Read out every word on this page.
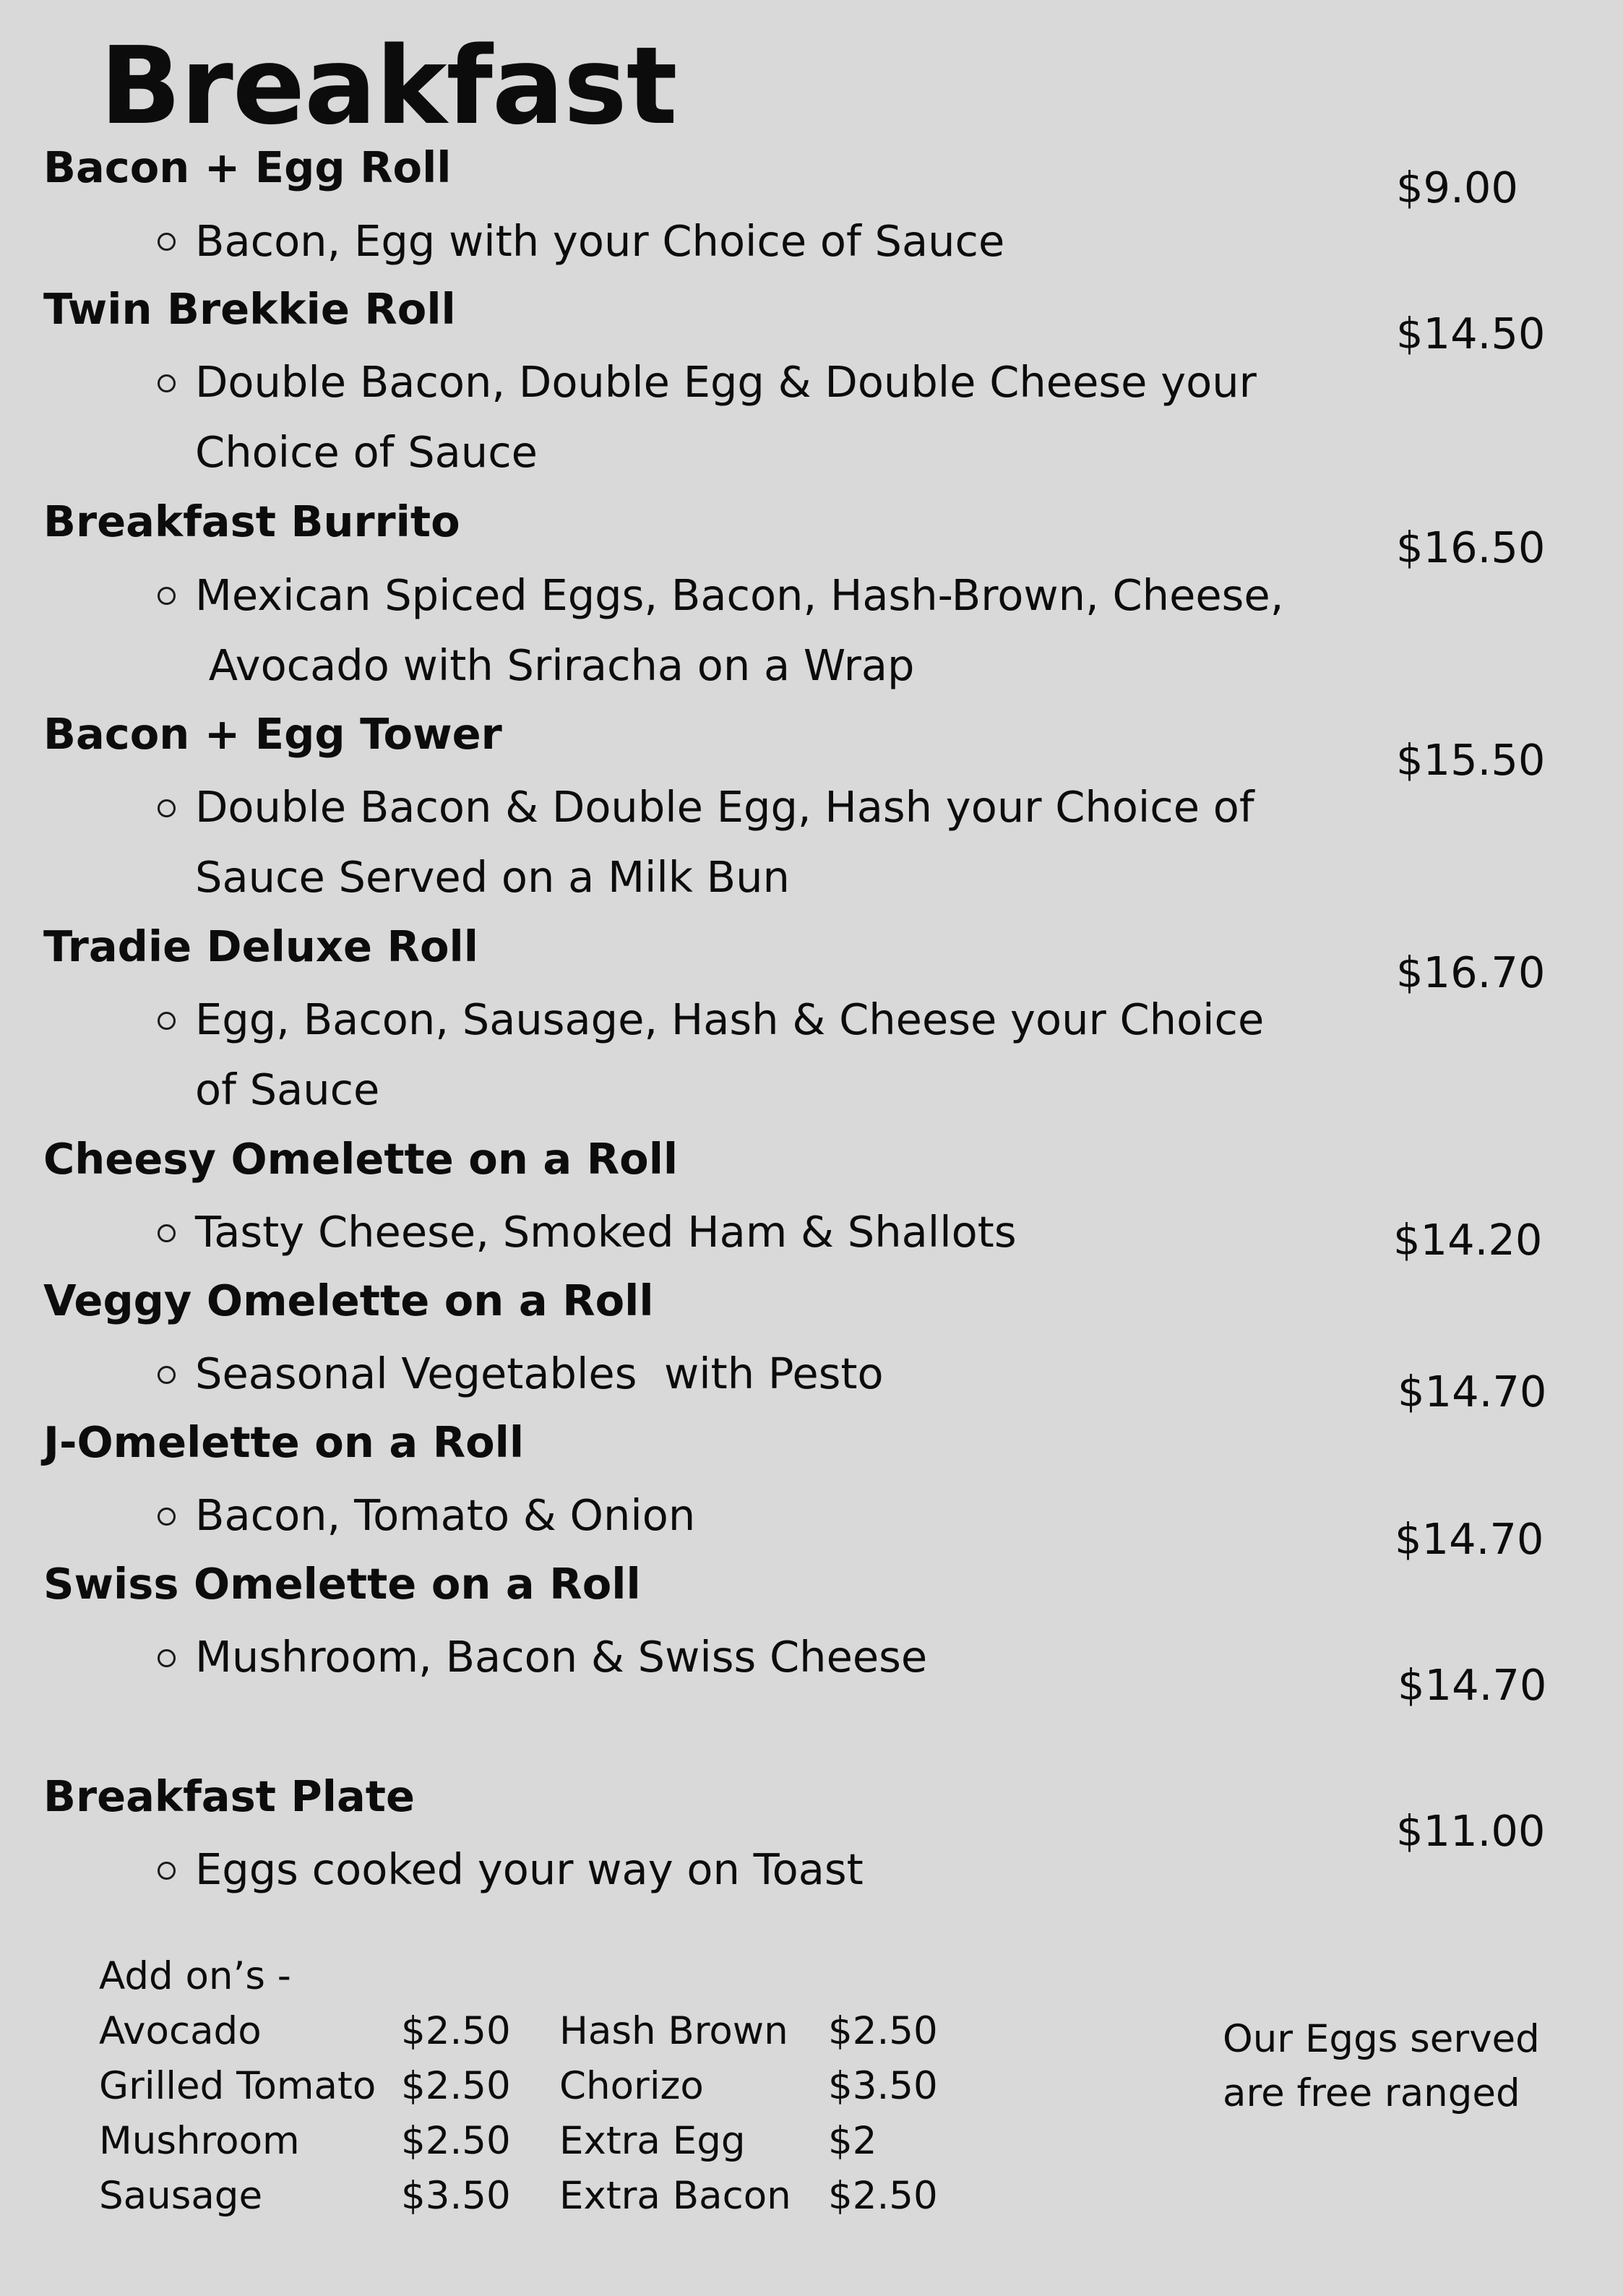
Breakfast
Bacon + Egg Roll
Bacon, Egg with your Choice of Sauce
$9.00
Twin Brekkie Roll
Double Bacon, Double Egg & Double Cheese your
Choice of Sauce
$14.50
Breakfast Burrito
Mexican Spiced Eggs, Bacon, Hash-Brown, Cheese,
Avocado with Sriracha on a Wrap
$16.50
Bacon + Egg Tower
Double Bacon & Double Egg, Hash your Choice of
Sauce Served on a Milk Bun
$15.50
Tradie Deluxe Roll
Egg, Bacon, Sausage, Hash & Cheese your Choice
of Sauce
$16.70
Cheesy Omelette on a Roll
Tasty Cheese, Smoked Ham & Shallots	$14.20
Veggy Omelette on a Roll
Seasonal Vegetables  with Pesto	$14.70
J-Omelette on a Roll
Bacon, Tomato & Onion	$14.70
Swiss Omelette on a Roll
Mushroom, Bacon & Swiss Cheese
$14.70
Breakfast Plate
Eggs cooked your way on Toast
$11.00
Add on’s -
Avocado	$2.50 Hash Brown $2.50
Grilled Tomato $2.50 Chorizo	$3.50
Mushroom	$2.50 Extra Egg $2
Sausage	$3.50 Extra Bacon $2.50
Our Eggs served
are free ranged
